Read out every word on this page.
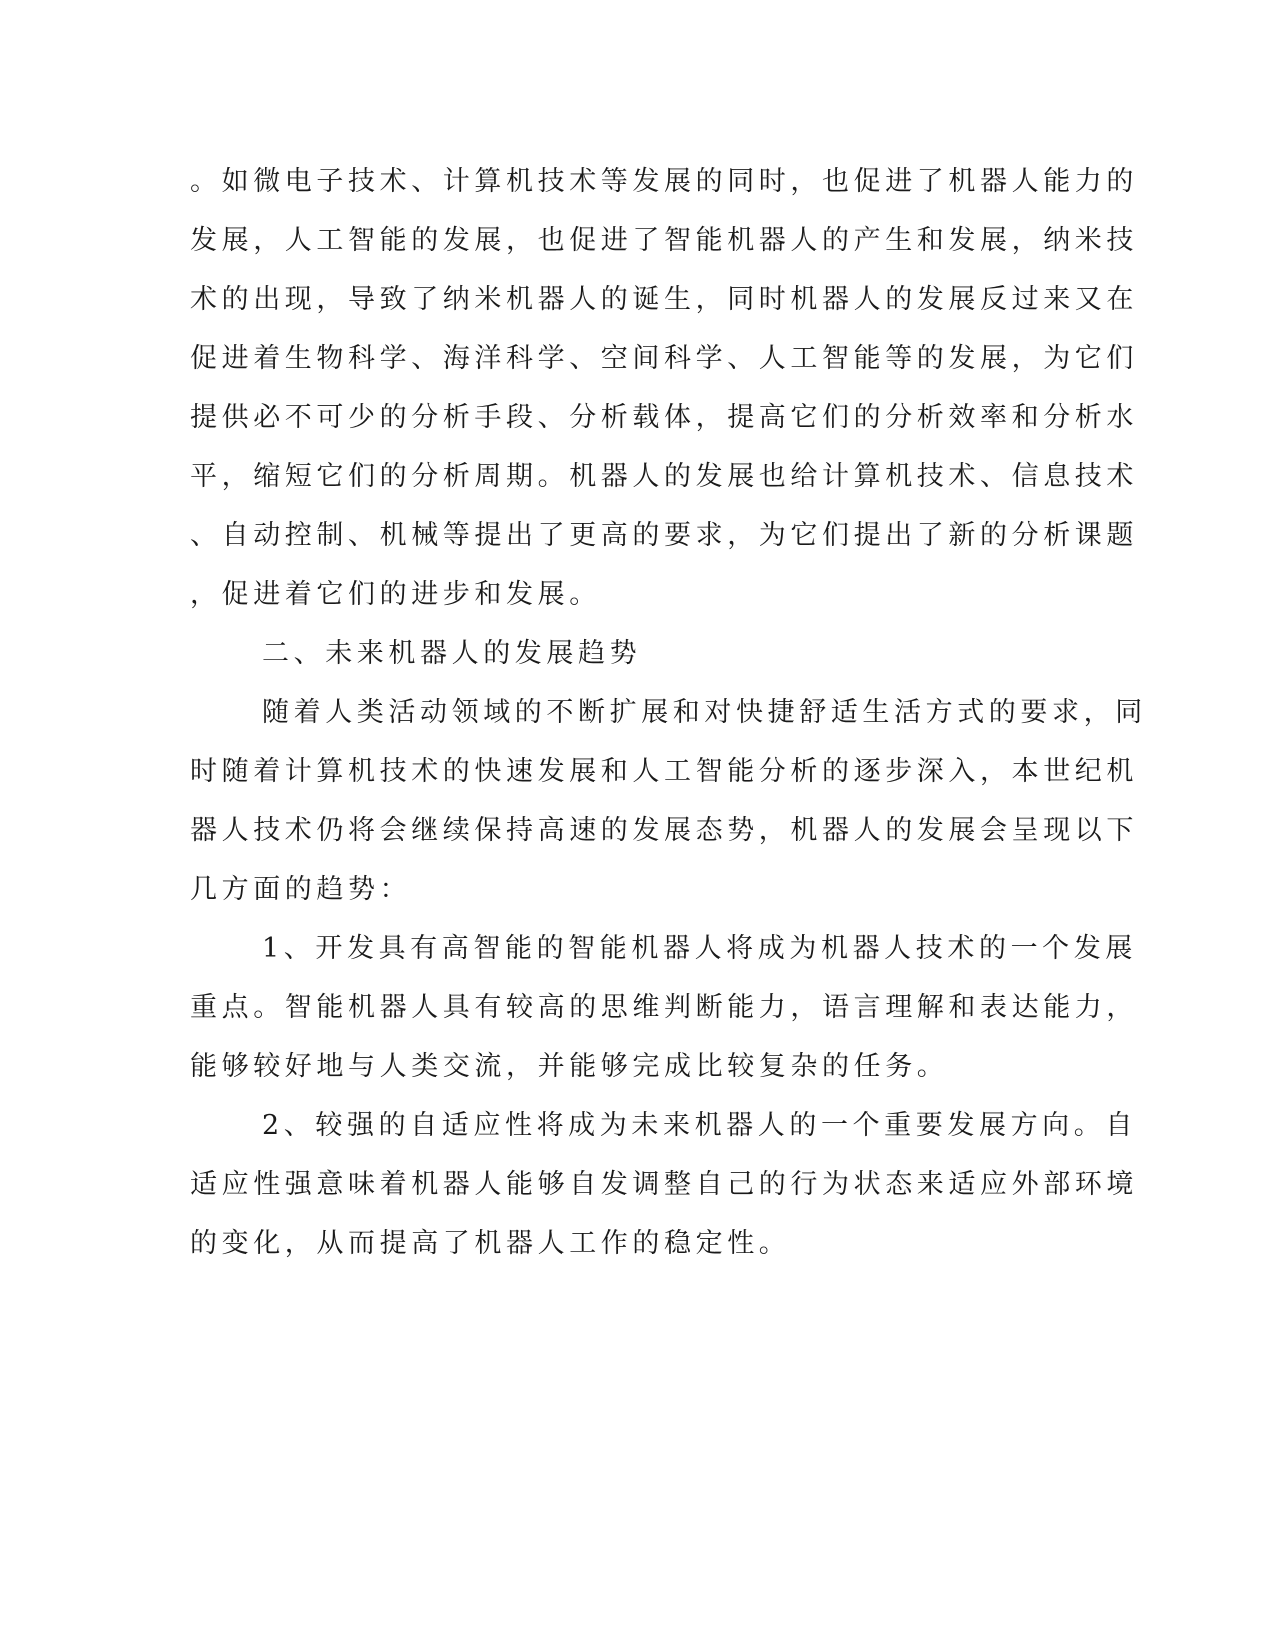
。如微电子技术、计算机技术等发展的同时，也促进了机器人能力的
发展，人工智能的发展，也促进了智能机器人的产生和发展，纳米技
术的出现，导致了纳米机器人的诞生，同时机器人的发展反过来又在
促进着生物科学、海洋科学、空间科学、人工智能等的发展，为它们
提供必不可少的分析手段、分析载体，提高它们的分析效率和分析水
平，缩短它们的分析周期。机器人的发展也给计算机技术、信息技术
、自动控制、机械等提出了更高的要求，为它们提出了新的分析课题
，促进着它们的进步和发展。
二、未来机器人的发展趋势
随着人类活动领域的不断扩展和对快捷舒适生活方式的要求，同
时随着计算机技术的快速发展和人工智能分析的逐步深入，本世纪机
器人技术仍将会继续保持高速的发展态势，机器人的发展会呈现以下
几方面的趋势：
1、开发具有高智能的智能机器人将成为机器人技术的一个发展
重点。智能机器人具有较高的思维判断能力，语言理解和表达能力，
能够较好地与人类交流，并能够完成比较复杂的任务。
2、较强的自适应性将成为未来机器人的一个重要发展方向。自
适应性强意味着机器人能够自发调整自己的行为状态来适应外部环境
的变化，从而提高了机器人工作的稳定性。
